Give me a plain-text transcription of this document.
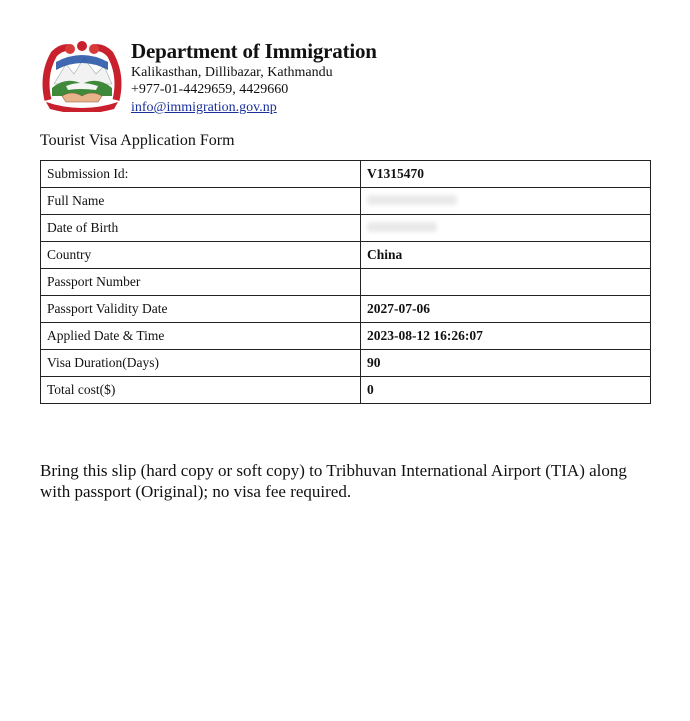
Department of Immigration
Kalikasthan, Dillibazar, Kathmandu
+977-01-4429659, 4429660
info@immigration.gov.np
Tourist Visa Application Form
Submission Id:	V1315470
Full Name	
Date of Birth	
Country	China
Passport Number	
Passport Validity Date	2027-07-06
Applied Date & Time	2023-08-12 16:26:07
Visa Duration(Days)	90
Total cost($)	0
Bring this slip (hard copy or soft copy) to Tribhuvan International Airport (TIA) along with passport (Original); no visa fee required.
